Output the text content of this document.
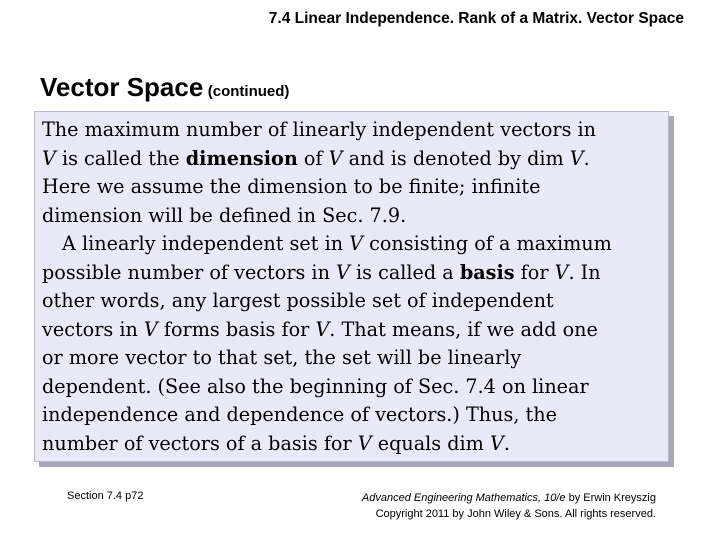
7.4 Linear Independence. Rank of a Matrix. Vector Space
Vector Space (continued)
The maximum number of linearly independent vectors in
V is called the dimension of V and is denoted by dim V.
Here we assume the dimension to be finite; infinite
dimension will be defined in Sec. 7.9.
A linearly independent set in V consisting of a maximum
possible number of vectors in V is called a basis for V. In
other words, any largest possible set of independent
vectors in V forms basis for V. That means, if we add one
or more vector to that set, the set will be linearly
dependent. (See also the beginning of Sec. 7.4 on linear
independence and dependence of vectors.) Thus, the
number of vectors of a basis for V equals dim V.
Section 7.4 p72	Advanced Engineering Mathematics, 10/e by Erwin Kreyszig
Copyright 2011 by John Wiley & Sons. All rights reserved.
